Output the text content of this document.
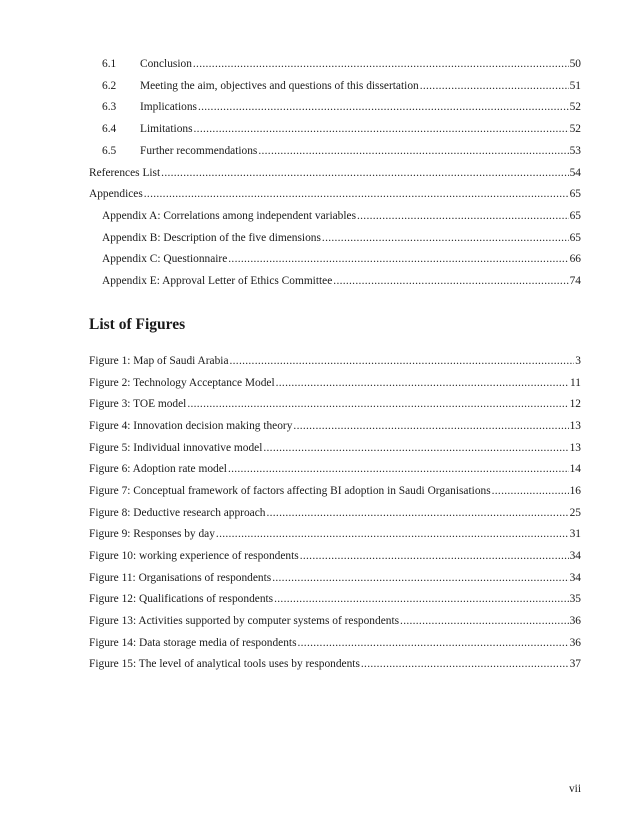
6.1	Conclusion .....	50
6.2	Meeting the aim, objectives and questions of this dissertation .....	51
6.3	Implications .....	52
6.4	Limitations .....	52
6.5	Further recommendations .....	53
References List .....	54
Appendices .....	65
Appendix A: Correlations among independent variables .....	65
Appendix B: Description of the five dimensions .....	65
Appendix C: Questionnaire .....	66
Appendix E: Approval Letter of Ethics Committee .....	74
List of Figures
Figure 1: Map of Saudi Arabia .....	3
Figure 2: Technology Acceptance Model .....	11
Figure 3: TOE model .....	12
Figure 4: Innovation decision making theory .....	13
Figure 5: Individual innovative model .....	13
Figure 6: Adoption rate model .....	14
Figure 7: Conceptual framework of factors affecting BI adoption in Saudi Organisations .....	16
Figure 8: Deductive research approach .....	25
Figure 9: Responses by day .....	31
Figure 10: working experience of respondents .....	34
Figure 11: Organisations of respondents .....	34
Figure 12: Qualifications of respondents .....	35
Figure 13: Activities supported by computer systems of respondents .....	36
Figure 14: Data storage media of respondents .....	36
Figure 15: The level of analytical tools uses by respondents .....	37
vii
